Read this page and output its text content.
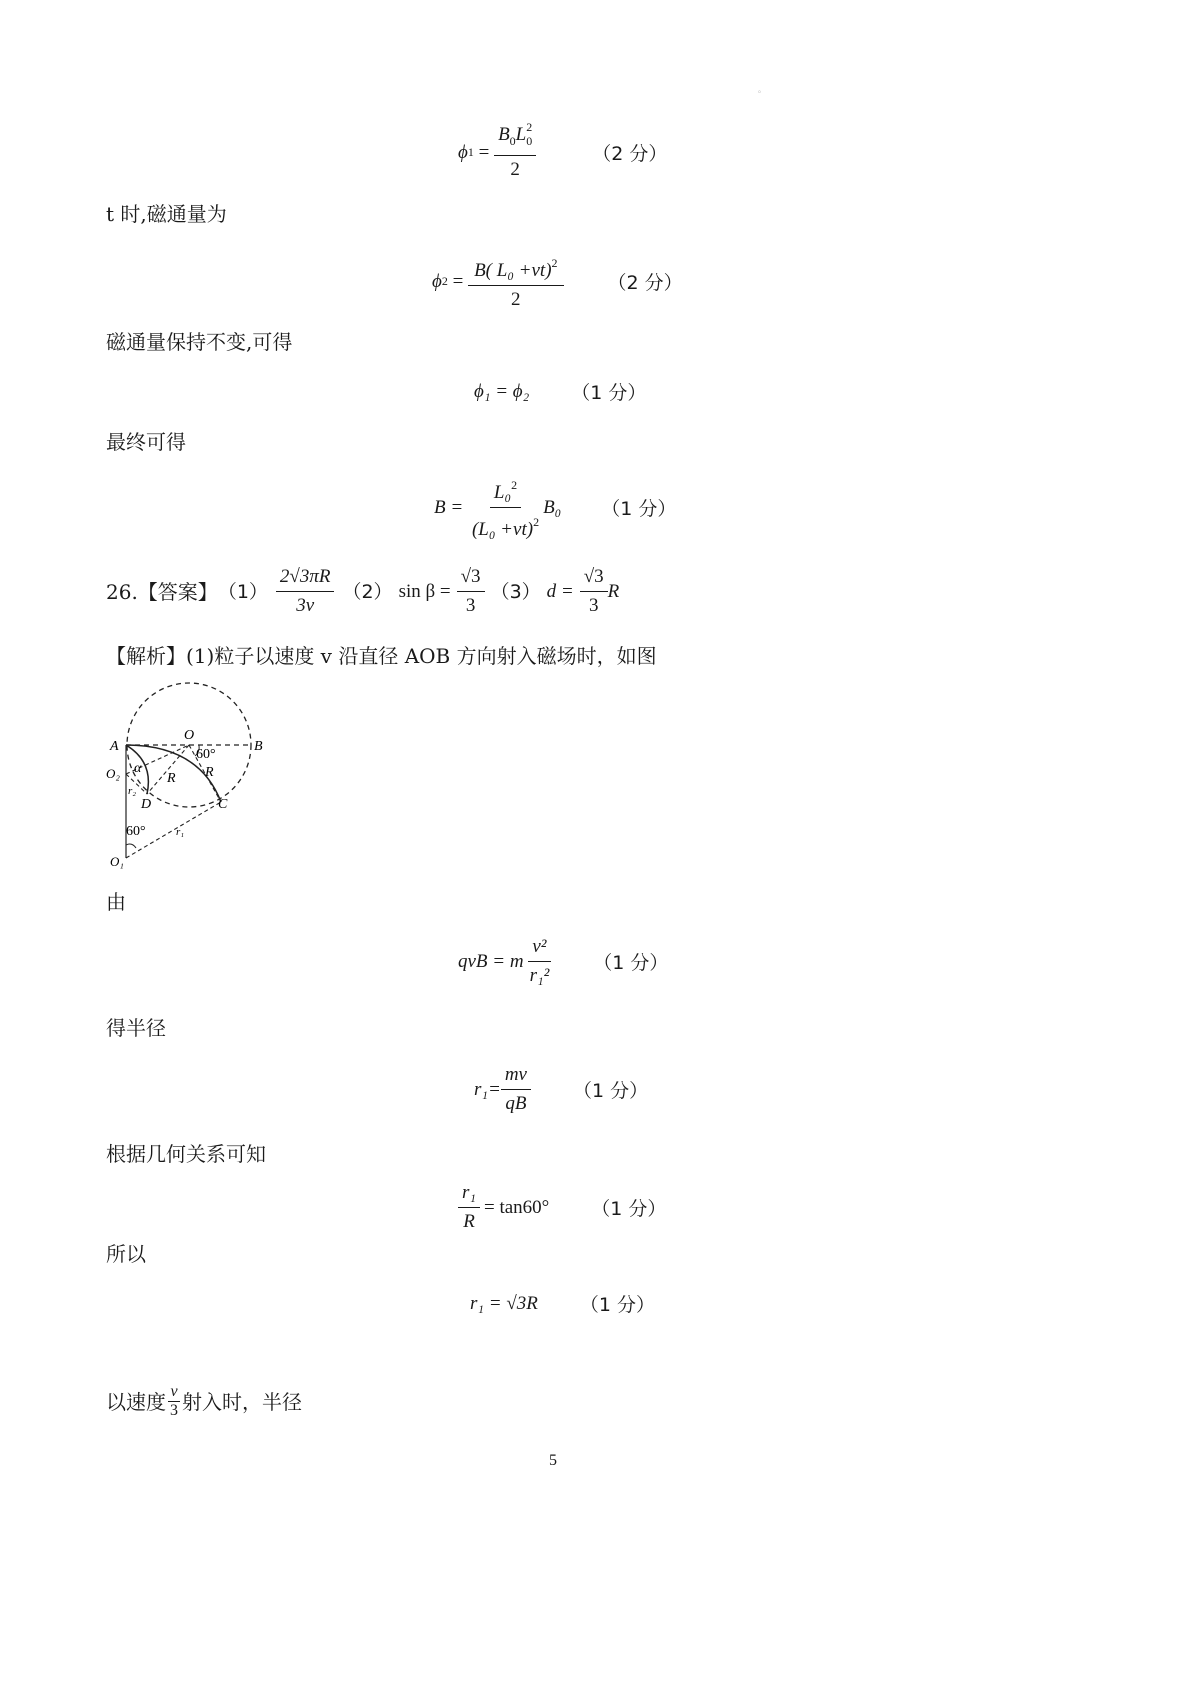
。
ϕ $1 = B_0L$ $_{2 0}$
2	（2 分）
t 时,磁通量为
ϕ $2 = \frac{B( L_0 +vt)^2}{2} (2$ 分）
磁通量保持不变,可得
ϕ₁ = ϕ₂ （1 分）
最终可得
B =
$\frac{L_0^2}{(L_0 +vt)^2} B_0$ （1 分）
26.【答案】 $(1) \frac{2√3\pi R}{3v} (2)$ $\sin \beta = \frac{√3}{3} (3) d = \frac{√3}{3}$ R
【解析】(1)粒子以速度 v 沿直径 AOB 方向射入磁场时，如图
A	B
O
60°
O₂ α
R R
r₂
D	C
60°	r₁
O₁
由
qvB = m $\frac{\text{v²}}{\text{r₁²}} (1$ 分）
得半径
$r_1= \frac{mv}{qB} (1$ 分）
根据几何关系可知
$\frac{\text{r₁}}{R} = \tan 60^\circ$ （1 分）
所以
r₁ = √3R （1 分）
以速度 $\frac{v}{3}$ 射入时，半径
5
